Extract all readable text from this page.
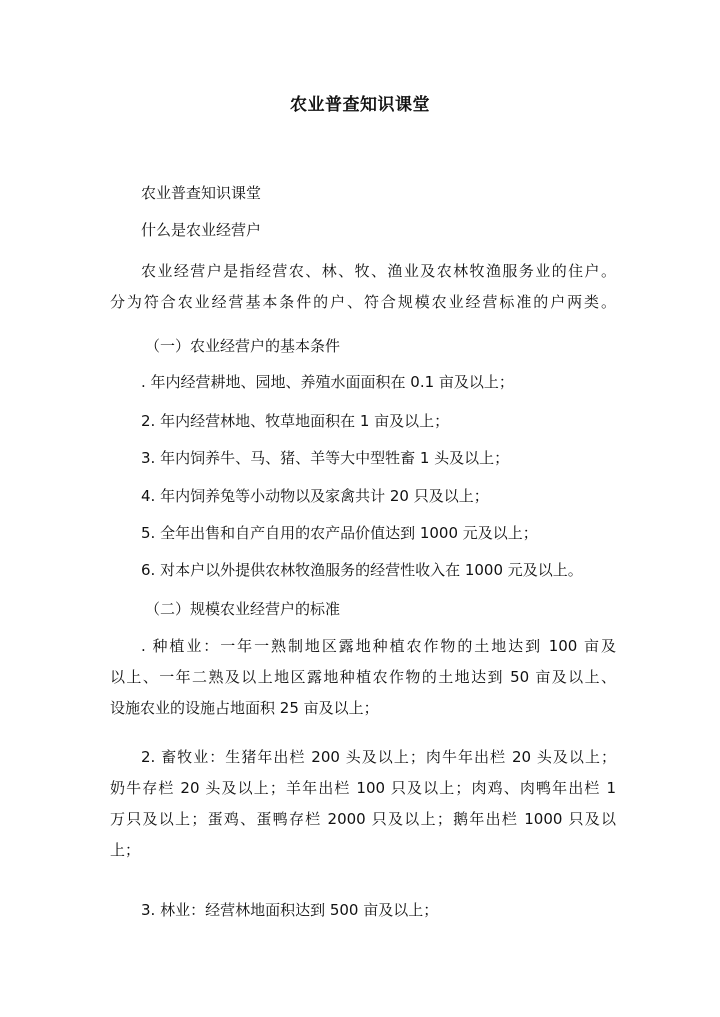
农业普查知识课堂
农业普查知识课堂
什么是农业经营户
农业经营户是指经营农、林、牧、渔业及农林牧渔服务业的住户。
分为符合农业经营基本条件的户、符合规模农业经营标准的户两类。
（一）农业经营户的基本条件
. 年内经营耕地、园地、养殖水面面积在 0.1 亩及以上；
2. 年内经营林地、牧草地面积在 1 亩及以上；
3. 年内饲养牛、马、猪、羊等大中型牲畜 1 头及以上；
4. 年内饲养兔等小动物以及家禽共计 20 只及以上；
5. 全年出售和自产自用的农产品价值达到 1000 元及以上；
6. 对本户以外提供农林牧渔服务的经营性收入在 1000 元及以上。
（二）规模农业经营户的标准
. 种植业：一年一熟制地区露地种植农作物的土地达到 100 亩及
以上、一年二熟及以上地区露地种植农作物的土地达到 50 亩及以上、
设施农业的设施占地面积 25 亩及以上；
2. 畜牧业：生猪年出栏 200 头及以上；肉牛年出栏 20 头及以上；
奶牛存栏 20 头及以上；羊年出栏 100 只及以上；肉鸡、肉鸭年出栏 1
万只及以上；蛋鸡、蛋鸭存栏 2000 只及以上；鹅年出栏 1000 只及以
上；
3. 林业：经营林地面积达到 500 亩及以上；
